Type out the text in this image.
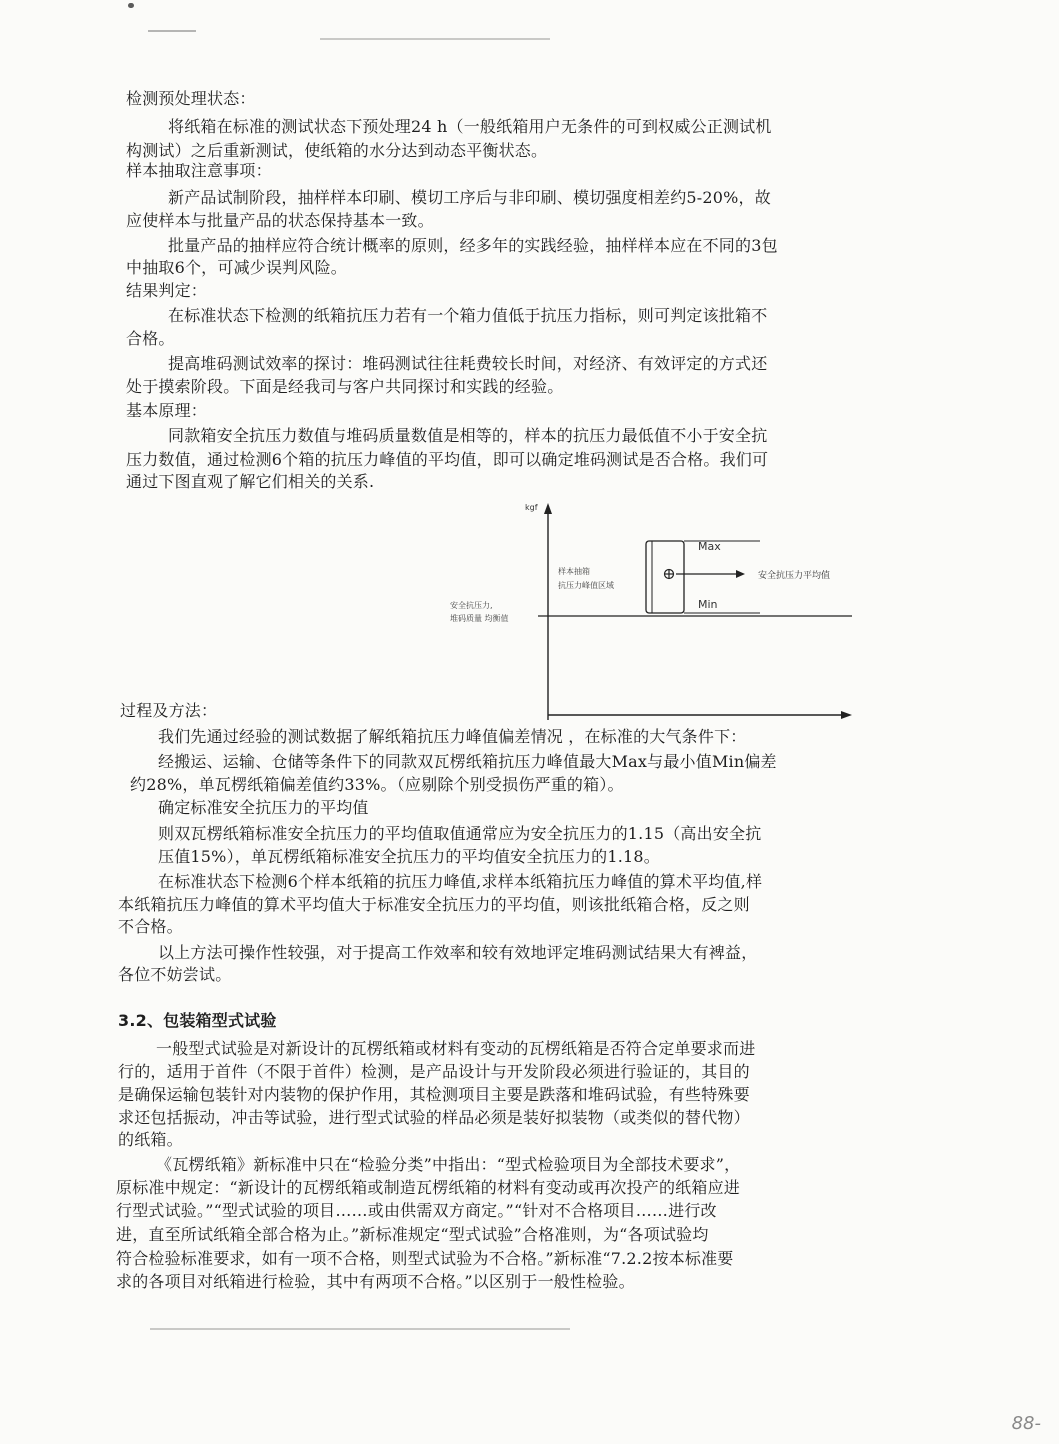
检测预处理状态：
将纸箱在标准的测试状态下预处理24 h（一般纸箱用户无条件的可到权威公正测试机
构测试）之后重新测试，使纸箱的水分达到动态平衡状态。
样本抽取注意事项：
新产品试制阶段，抽样样本印刷、模切工序后与非印刷、模切强度相差约5-20%，故
应使样本与批量产品的状态保持基本一致。
批量产品的抽样应符合统计概率的原则，经多年的实践经验，抽样样本应在不同的3包
中抽取6个，可减少误判风险。
结果判定：
在标准状态下检测的纸箱抗压力若有一个箱力值低于抗压力指标，则可判定该批箱不
合格。
提高堆码测试效率的探讨：堆码测试往往耗费较长时间，对经济、有效评定的方式还
处于摸索阶段。下面是经我司与客户共同探讨和实践的经验。
基本原理：
同款箱安全抗压力数值与堆码质量数值是相等的，样本的抗压力最低值不小于安全抗
压力数值，通过检测6个箱的抗压力峰值的平均值，即可以确定堆码测试是否合格。我们可
通过下图直观了解它们相关的关系.
kgf
安全抗压力,
堆码质量 均衡值
Max
Min
样本抽箱
抗压力峰值区域
安全抗压力平均值
过程及方法：
我们先通过经验的测试数据了解纸箱抗压力峰值偏差情况 ，在标准的大气条件下：
经搬运、运输、仓储等条件下的同款双瓦楞纸箱抗压力峰值最大Max与最小值Min偏差
约28%，单瓦楞纸箱偏差值约33%。（应剔除个别受损伤严重的箱）。
确定标准安全抗压力的平均值
则双瓦楞纸箱标准安全抗压力的平均值取值通常应为安全抗压力的1.15（高出安全抗
压值15%），单瓦楞纸箱标准安全抗压力的平均值安全抗压力的1.18。
在标准状态下检测6个样本纸箱的抗压力峰值,求样本纸箱抗压力峰值的算术平均值,样
本纸箱抗压力峰值的算术平均值大于标准安全抗压力的平均值，则该批纸箱合格，反之则
不合格。
以上方法可操作性较强，对于提高工作效率和较有效地评定堆码测试结果大有裨益，
各位不妨尝试。
3.2、包装箱型式试验
一般型式试验是对新设计的瓦楞纸箱或材料有变动的瓦楞纸箱是否符合定单要求而进
行的，适用于首件（不限于首件）检测，是产品设计与开发阶段必须进行验证的，其目的
是确保运输包装针对内装物的保护作用，其检测项目主要是跌落和堆码试验，有些特殊要
求还包括振动，冲击等试验，进行型式试验的样品必须是装好拟装物（或类似的替代物）
的纸箱。
《瓦楞纸箱》新标准中只在“检验分类”中指出：“型式检验项目为全部技术要求”，
原标准中规定：“新设计的瓦楞纸箱或制造瓦楞纸箱的材料有变动或再次投产的纸箱应进
行型式试验。”“型式试验的项目……或由供需双方商定。”“针对不合格项目……进行改
进，直至所试纸箱全部合格为止。”新标准规定“型式试验”合格准则，为“各项试验均
符合检验标准要求，如有一项不合格，则型式试验为不合格。”新标准“7.2.2按本标准要
求的各项目对纸箱进行检验，其中有两项不合格。”以区别于一般性检验。
88-
